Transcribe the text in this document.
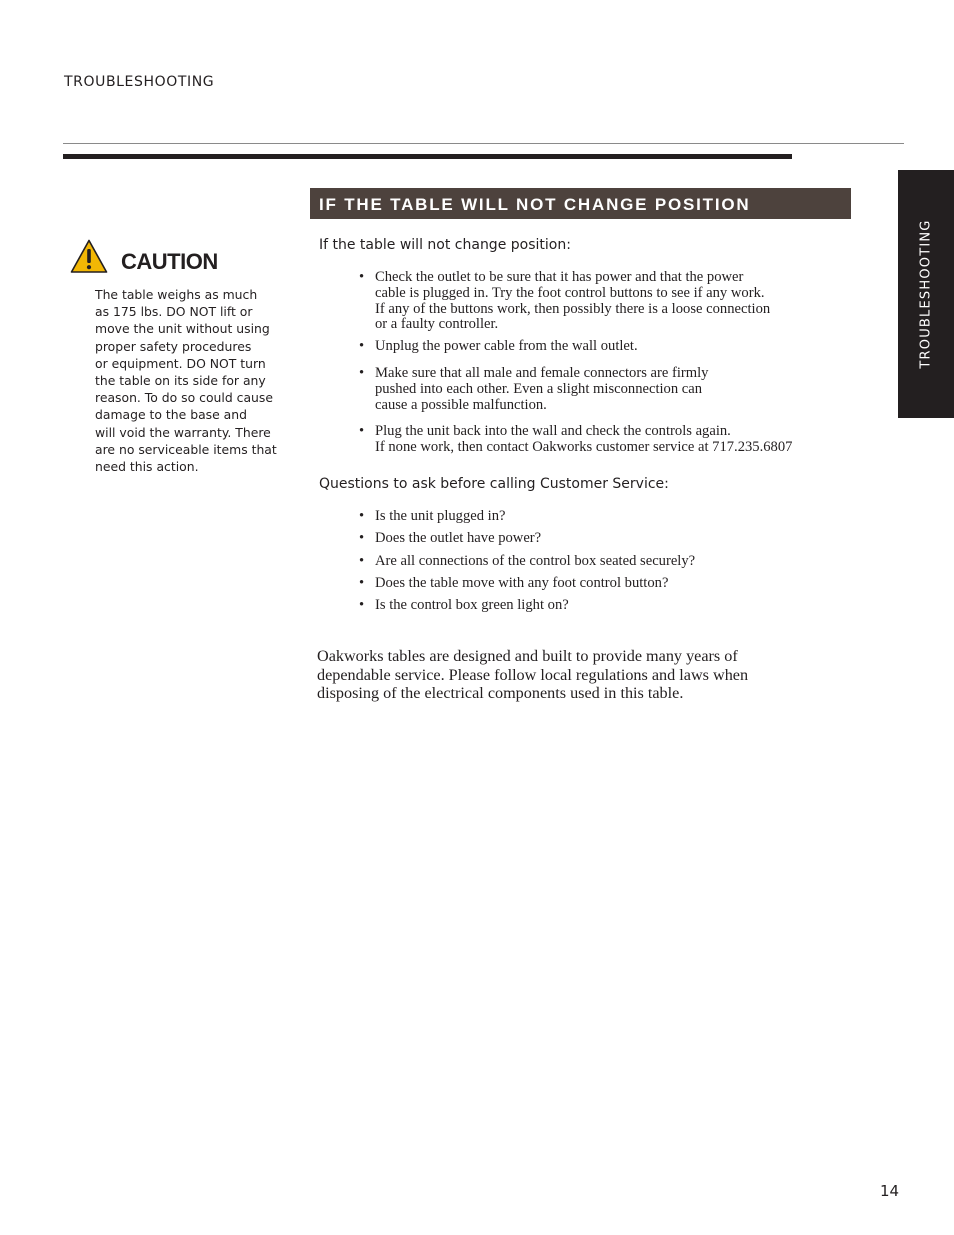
TROUBLESHOOTING
TROUBLESHOOTING
CAUTION
The table weighs as much
as 175 lbs. DO NOT lift or
move the unit without using
proper safety procedures
or equipment. DO NOT turn
the table on its side for any
reason. To do so could cause
damage to the base and
will void the warranty. There
are no serviceable items that
need this action.
IF THE TABLE WILL NOT CHANGE POSITION
If the table will not change position:
• Check the outlet to be sure that it has power and that the power
cable is plugged in. Try the foot control buttons to see if any work.
If any of the buttons work, then possibly there is a loose connection
or a faulty controller.
• Unplug the power cable from the wall outlet.
• Make sure that all male and female connectors are firmly
pushed into each other. Even a slight misconnection can
cause a possible malfunction.
• Plug the unit back into the wall and check the controls again.
If none work, then contact Oakworks customer service at 717.235.6807
Questions to ask before calling Customer Service:
• Is the unit plugged in?
• Does the outlet have power?
• Are all connections of the control box seated securely?
• Does the table move with any foot control button?
• Is the control box green light on?
Oakworks tables are designed and built to provide many years of
dependable service. Please follow local regulations and laws when
disposing of the electrical components used in this table.
14
